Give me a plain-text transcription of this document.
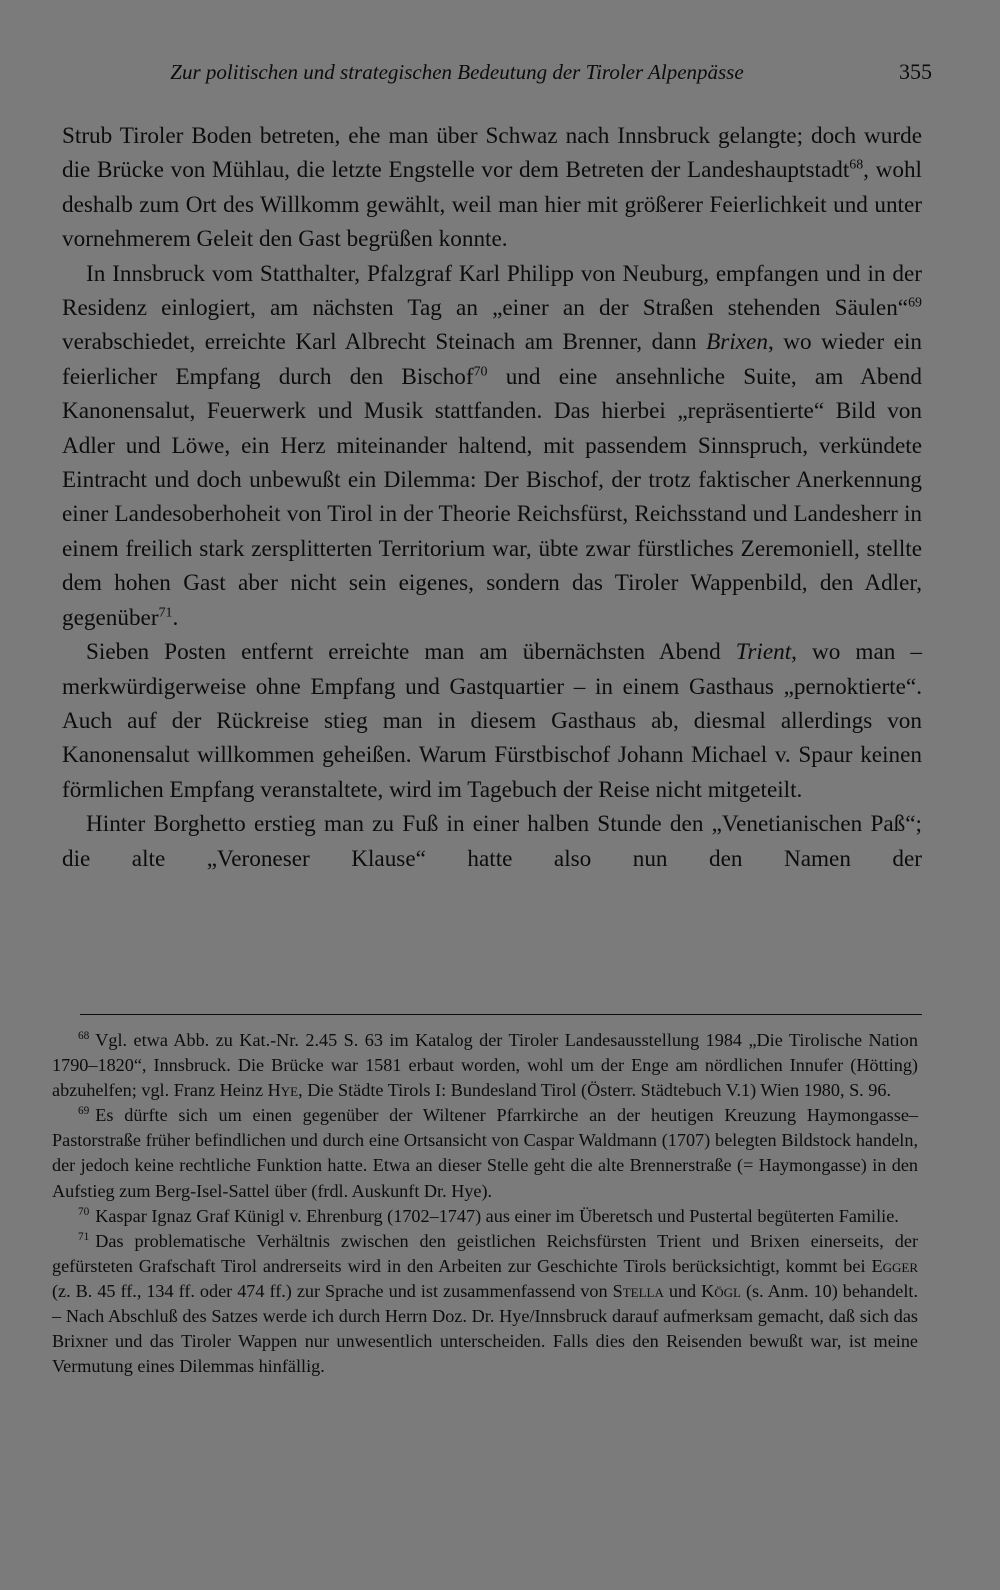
Zur politischen und strategischen Bedeutung der Tiroler Alpenpässe	355

Strub Tiroler Boden betreten, ehe man über Schwaz nach Innsbruck gelangte; doch wurde die Brücke von Mühlau, die letzte Engstelle vor dem Betreten der Landeshauptstadt$^{68}$, wohl deshalb zum Ort des Willkomm gewählt, weil man hier mit größerer Feierlichkeit und unter vornehmerem Geleit den Gast begrüßen konnte.

In Innsbruck vom Statthalter, Pfalzgraf Karl Philipp von Neuburg, empfangen und in der Residenz einlogiert, am nächsten Tag an „einer an der Straßen stehenden Säulen“$^{69}$ verabschiedet, erreichte Karl Albrecht Steinach am Brenner, dann Brixen, wo wieder ein feierlicher Empfang durch den Bischof$^{70}$ und eine ansehnliche Suite, am Abend Kanonensalut, Feuerwerk und Musik stattfanden. Das hierbei „repräsentierte“ Bild von Adler und Löwe, ein Herz miteinander haltend, mit passendem Sinnspruch, verkündete Eintracht und doch unbewußt ein Dilemma: Der Bischof, der trotz faktischer Anerkennung einer Landesoberhoheit von Tirol in der Theorie Reichsfürst, Reichsstand und Landesherr in einem freilich stark zersplitterten Territorium war, übte zwar fürstliches Zeremoniell, stellte dem hohen Gast aber nicht sein eigenes, sondern das Tiroler Wappenbild, den Adler, gegenüber$^{71}$.

Sieben Posten entfernt erreichte man am übernächsten Abend Trient, wo man – merkwürdigerweise ohne Empfang und Gastquartier – in einem Gasthaus „pernoktierte“. Auch auf der Rückreise stieg man in diesem Gasthaus ab, diesmal allerdings von Kanonensalut willkommen geheißen. Warum Fürstbischof Johann Michael v. Spaur keinen förmlichen Empfang veranstaltete, wird im Tagebuch der Reise nicht mitgeteilt.

Hinter Borghetto erstieg man zu Fuß in einer halben Stunde den „Venetianischen Paß“; die alte „Veroneser Klause“ hatte also nun den Namen der

$^{68}$ Vgl. etwa Abb. zu Kat.-Nr. 2.45 S. 63 im Katalog der Tiroler Landesausstellung 1984 „Die Tirolische Nation 1790–1820“, Innsbruck. Die Brücke war 1581 erbaut worden, wohl um der Enge am nördlichen Innufer (Hötting) abzuhelfen; vgl. Franz Heinz Hye, Die Städte Tirols I: Bundesland Tirol (Österr. Städtebuch V.1) Wien 1980, S. 96.

$^{69}$ Es dürfte sich um einen gegenüber der Wiltener Pfarrkirche an der heutigen Kreuzung Haymongasse–Pastorstraße früher befindlichen und durch eine Ortsansicht von Caspar Waldmann (1707) belegten Bildstock handeln, der jedoch keine rechtliche Funktion hatte. Etwa an dieser Stelle geht die alte Brennerstraße (= Haymongasse) in den Aufstieg zum Berg-Isel-Sattel über (frdl. Auskunft Dr. Hye).

$^{70}$ Kaspar Ignaz Graf Künigl v. Ehrenburg (1702–1747) aus einer im Überetsch und Pustertal begüterten Familie.

$^{71}$ Das problematische Verhältnis zwischen den geistlichen Reichsfürsten Trient und Brixen einerseits, der gefürsteten Grafschaft Tirol andrerseits wird in den Arbeiten zur Geschichte Tirols berücksichtigt, kommt bei Egger (z. B. 45 ff., 134 ff. oder 474 ff.) zur Sprache und ist zusammenfassend von Stella und Kögl (s. Anm. 10) behandelt. – Nach Abschluß des Satzes werde ich durch Herrn Doz. Dr. Hye/Innsbruck darauf aufmerksam gemacht, daß sich das Brixner und das Tiroler Wappen nur unwesentlich unterscheiden. Falls dies den Reisenden bewußt war, ist meine Vermutung eines Dilemmas hinfällig.
